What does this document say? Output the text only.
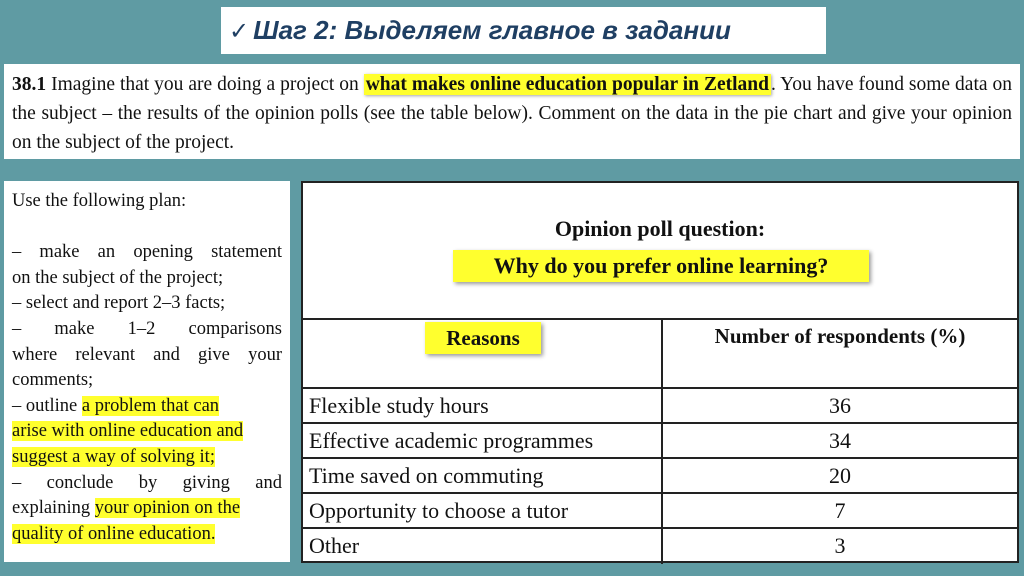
✓ Шаг 2: Выделяем главное в задании
38.1 Imagine that you are doing a project on what makes online education popular in Zetland . You have found some data on the subject – the results of the opinion polls (see the table below). Comment on the data in the pie chart and give your opinion on the subject of the project.

Use the following plan:

– make an opening statement

on the subject of the project;

– select and report 2–3 facts;

– make 1–2 comparisons

where relevant and give your

comments;

– outline a problem that can

arise with online education and

suggest a way of solving it;

– conclude by giving and

explaining your opinion on the

quality of online education.

Opinion poll question:
Why do you prefer online learning?
Reasons	Number of respondents (%)
Flexible study hours	36
Effective academic programmes	34
Time saved on commuting	20
Opportunity to choose a tutor	7
Other	3
